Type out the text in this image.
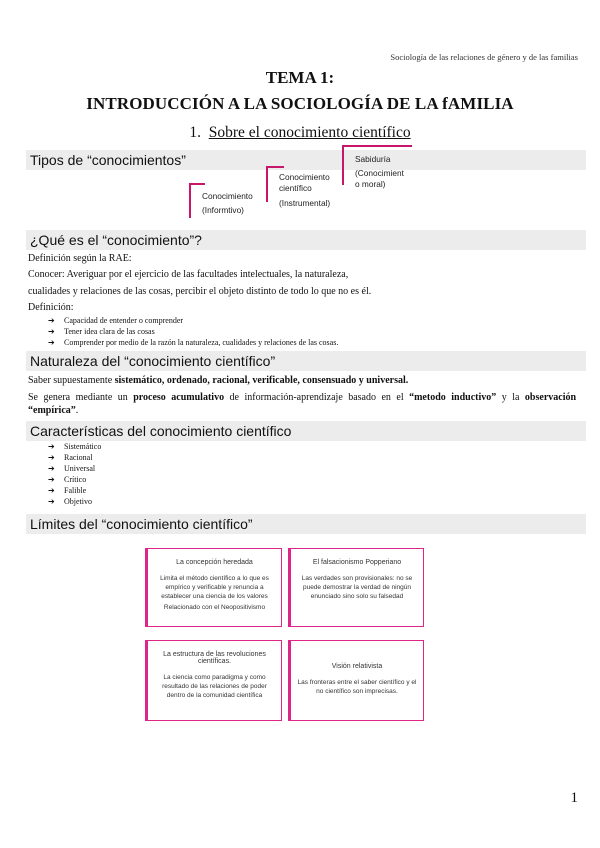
Sociología de las relaciones de género y de las familias
TEMA 1:
INTRODUCCIÓN A LA SOCIOLOGÍA DE LA fAMILIA
1. Sobre el conocimiento científico
Tipos de “conocimientos”
Conocimiento
(Informtivo)
Conocimiento
científico
(Instrumental)
Sabiduría
(Conocimient
o moral)
¿Qué es el “conocimiento”?
Definición según la RAE:
Conocer: Averiguar por el ejercicio de las facultades intelectuales, la naturaleza,
cualidades y relaciones de las cosas, percibir el objeto distinto de todo lo que no es él.
Definición:
➔ Capacidad de entender o comprender
➔ Tener idea clara de las cosas
➔ Comprender por medio de la razón la naturaleza, cualidades y relaciones de las cosas.
Naturaleza del “conocimiento científico”
Saber supuestamente sistemático, ordenado, racional, verificable, consensuado y universal.
Se genera mediante un proceso acumulativo de información-aprendizaje basado en el “metodo inductivo” y la observación “empírica”.
Características del conocimiento científico
➔ Sistemático
➔ Racional
➔ Universal
➔ Crítico
➔ Falible
➔ Objetivo
Límites del “conocimiento científico”
La concepción heredada

Limita el método científico a lo que es empírico y verificable y renuncia a establecer una ciencia de los valores

Relacionado con el Neopositivismo

El falsacionismo Popperiano

Las verdades son provisionales: no se puede demostrar la verdad de ningún enunciado sino solo su falsedad

La estructura de las revoluciones científicas.

La ciencia como paradigma y como resultado de las relaciones de poder dentro de la comunidad científica

Visión relativista

Las fronteras entre el saber científico y el no científico son imprecisas.

1
